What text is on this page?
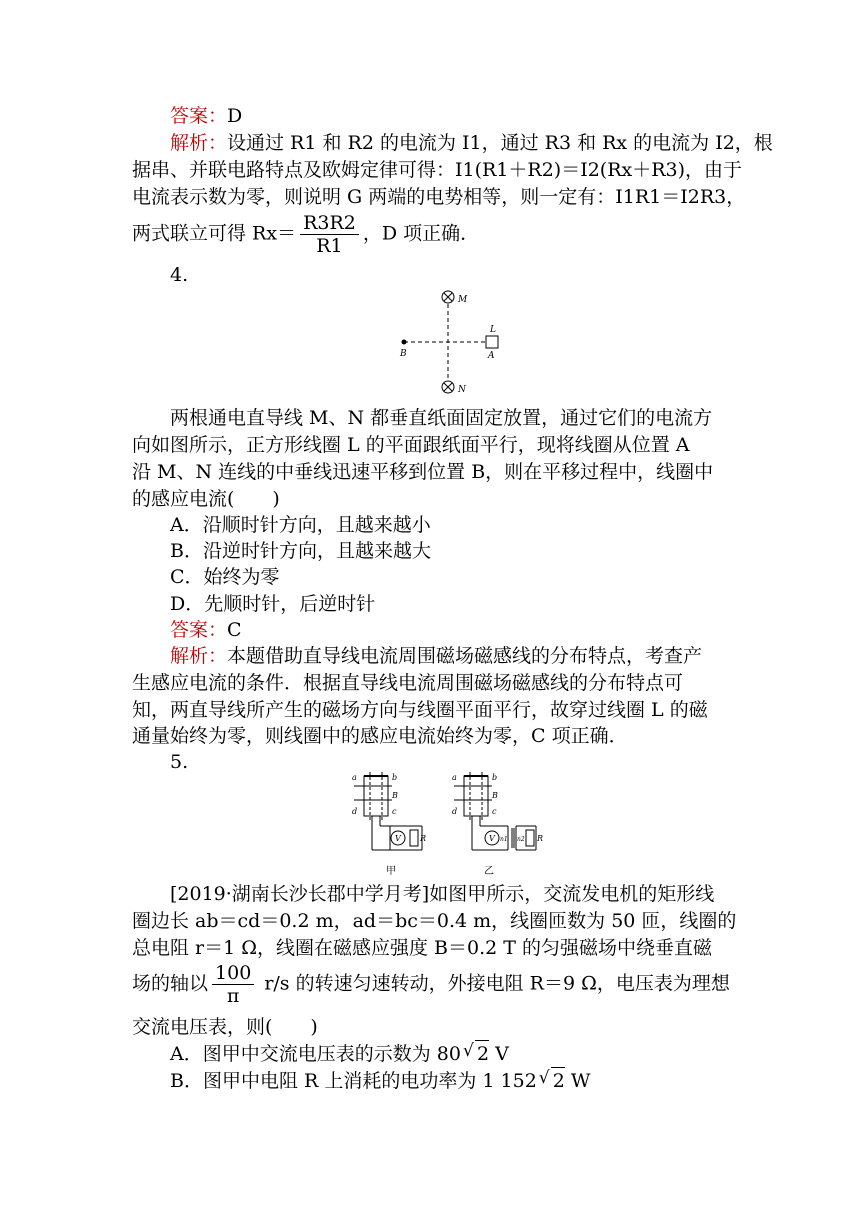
答案：D
解析：设通过 R1 和 R2 的电流为 I1，通过 R3 和 Rx 的电流为 I2，根
据串、并联电路特点及欧姆定律可得：I1(R1＋R2)＝I2(Rx＋R3)，由于
电流表示数为零，则说明 G 两端的电势相等，则一定有：I1R1＝I2R3，
两式联立可得 $Rx= \frac{R3R2}{R1}$ ，D 项正确．
4.
M
N
L
A
B
两根通电直导线 M、N 都垂直纸面固定放置，通过它们的电流方
向如图所示，正方形线圈 L 的平面跟纸面平行，现将线圈从位置 A
沿 M、N 连线的中垂线迅速平移到位置 B，则在平移过程中，线圈中
的感应电流(　　)
A．沿顺时针方向，且越来越小
B．沿逆时针方向，且越来越大
C．始终为零
D．先顺时针，后逆时针
答案：C
解析：本题借助直导线电流周围磁场磁感线的分布特点，考查产
生感应电流的条件．根据直导线电流周围磁场磁感线的分布特点可
知，两直导线所产生的磁场方向与线圈平面平行，故穿过线圈 L 的磁
通量始终为零，则线圈中的感应电流始终为零，C 项正确．
5.
a	b
B
d	c
V R
a	b
B
d	c
V n1 n2 R
甲	乙
[2019·湖南长沙长郡中学月考]如图甲所示，交流发电机的矩形线
圈边长 ab＝cd＝0.2 m，ad＝bc＝0.4 m，线圈匝数为 50 匝，线圈的
总电阻 r＝1 Ω，线圈在磁感应强度 B＝0.2 T 的匀强磁场中绕垂直磁
场的轴以 $\frac{100}{\pi} r/s$ 的转速匀速转动，外接电阻 R＝9 Ω，电压表为理想
交流电压表，则(　　)
A．图甲中交流电压表的示数为 80 √ 2 V
B．图甲中电阻 R 上消耗的电功率为 1 152 √ 2 W
